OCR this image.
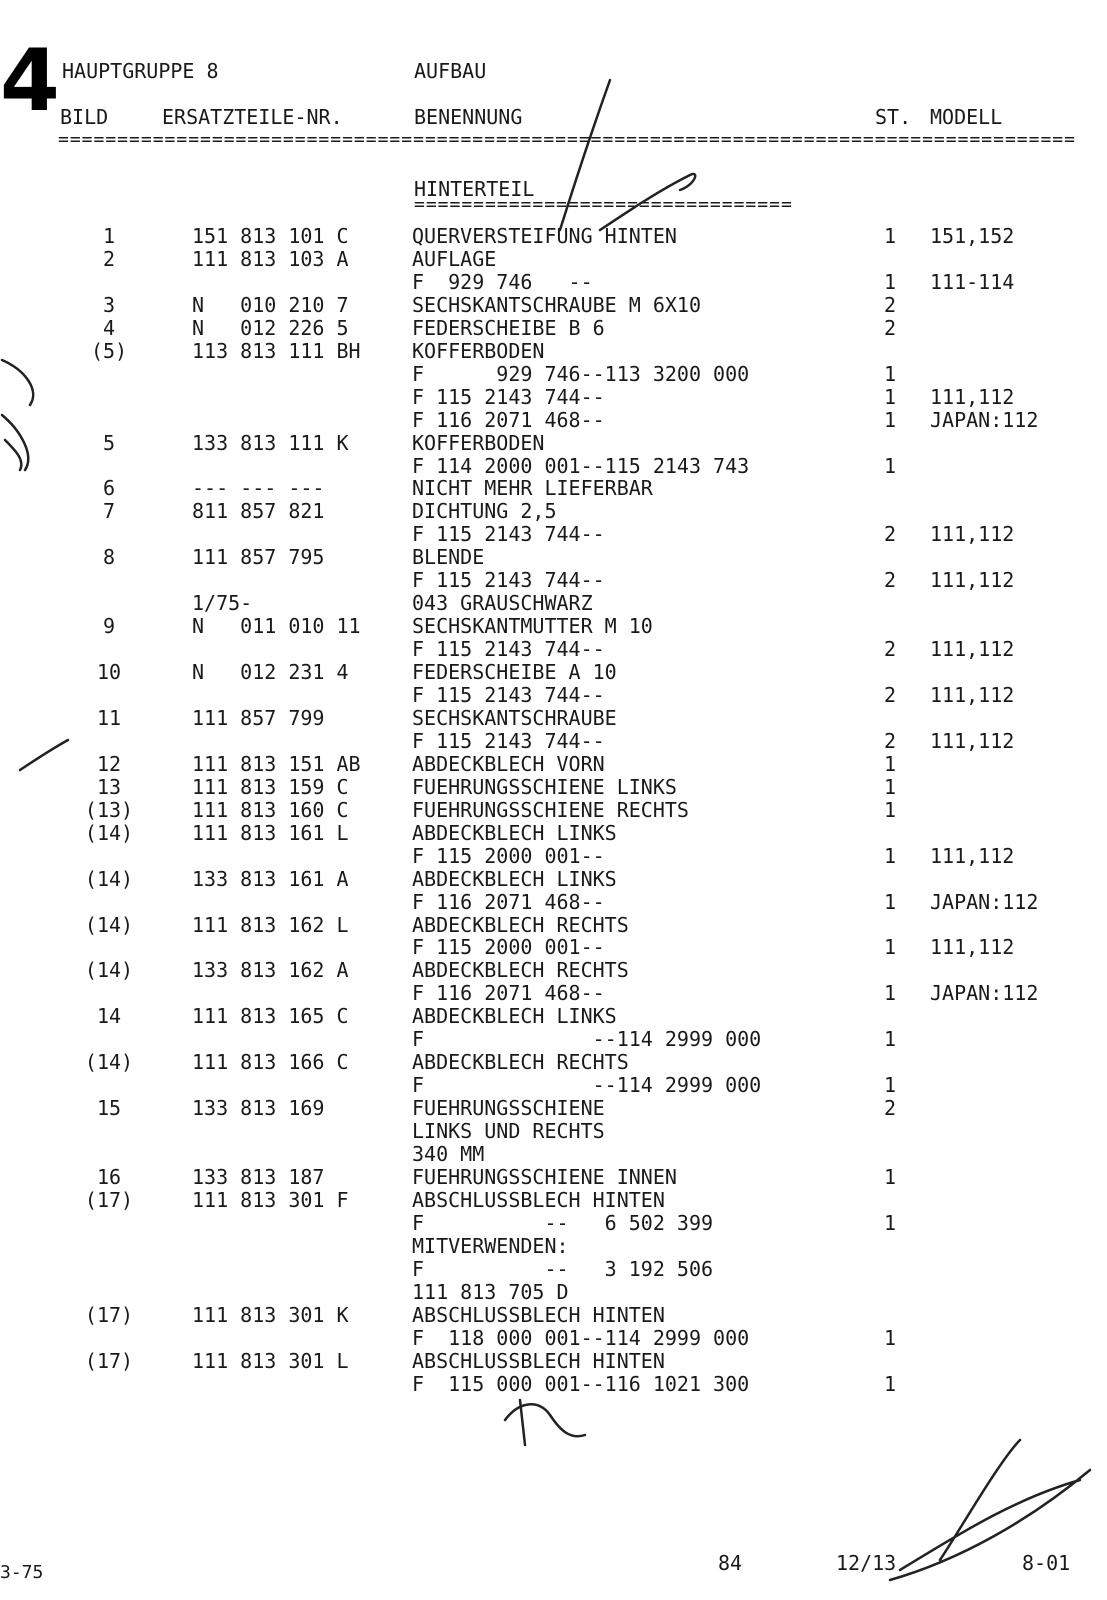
4 HAUPTGRUPPE 8	AUFBAU
BILD	ERSATZTEILE-NR.	BENENNUNG	ST. MODELL
======================================================================================
HINTERTEIL
================================
1	151 813 101 C	QUERVERSTEIFUNG HINTEN	1	151,152
2	111 813 103 A	AUFLAGE
F  929 746   --	1	111-114
3	N   010 210 7	SECHSKANTSCHRAUBE M 6X10	2
4	N   012 226 5	FEDERSCHEIBE B 6	2
(5)	113 813 111 BH	KOFFERBODEN
F      929 746--113 3200 000	1
F 115 2143 744--	1	111,112
F 116 2071 468--	1	JAPAN:112
5	133 813 111 K	KOFFERBODEN
F 114 2000 001--115 2143 743	1
6	--- --- ---	NICHT MEHR LIEFERBAR
7	811 857 821	DICHTUNG 2,5
F 115 2143 744--	2	111,112
8	111 857 795	BLENDE
F 115 2143 744--	2	111,112
1/75-	043 GRAUSCHWARZ
9	N   011 010 11	SECHSKANTMUTTER M 10
F 115 2143 744--	2	111,112
10	N   012 231 4	FEDERSCHEIBE A 10
F 115 2143 744--	2	111,112
11	111 857 799	SECHSKANTSCHRAUBE
F 115 2143 744--	2	111,112
12	111 813 151 AB	ABDECKBLECH VORN	1
13	111 813 159 C	FUEHRUNGSSCHIENE LINKS	1
(13)	111 813 160 C	FUEHRUNGSSCHIENE RECHTS	1
(14)	111 813 161 L	ABDECKBLECH LINKS
F 115 2000 001--	1	111,112
(14)	133 813 161 A	ABDECKBLECH LINKS
F 116 2071 468--	1	JAPAN:112
(14)	111 813 162 L	ABDECKBLECH RECHTS
F 115 2000 001--	1	111,112
(14)	133 813 162 A	ABDECKBLECH RECHTS
F 116 2071 468--	1	JAPAN:112
14	111 813 165 C	ABDECKBLECH LINKS
F              --114 2999 000	1
(14)	111 813 166 C	ABDECKBLECH RECHTS
F              --114 2999 000	1
15	133 813 169	FUEHRUNGSSCHIENE	2
LINKS UND RECHTS
340 MM
16	133 813 187	FUEHRUNGSSCHIENE INNEN	1
(17)	111 813 301 F	ABSCHLUSSBLECH HINTEN
F          --   6 502 399	1
MITVERWENDEN:
F          --   3 192 506
111 813 705 D
(17)	111 813 301 K	ABSCHLUSSBLECH HINTEN
F  118 000 001--114 2999 000	1
(17)	111 813 301 L	ABSCHLUSSBLECH HINTEN
F  115 000 001--116 1021 300	1
3-75	84	12/13	8-01
